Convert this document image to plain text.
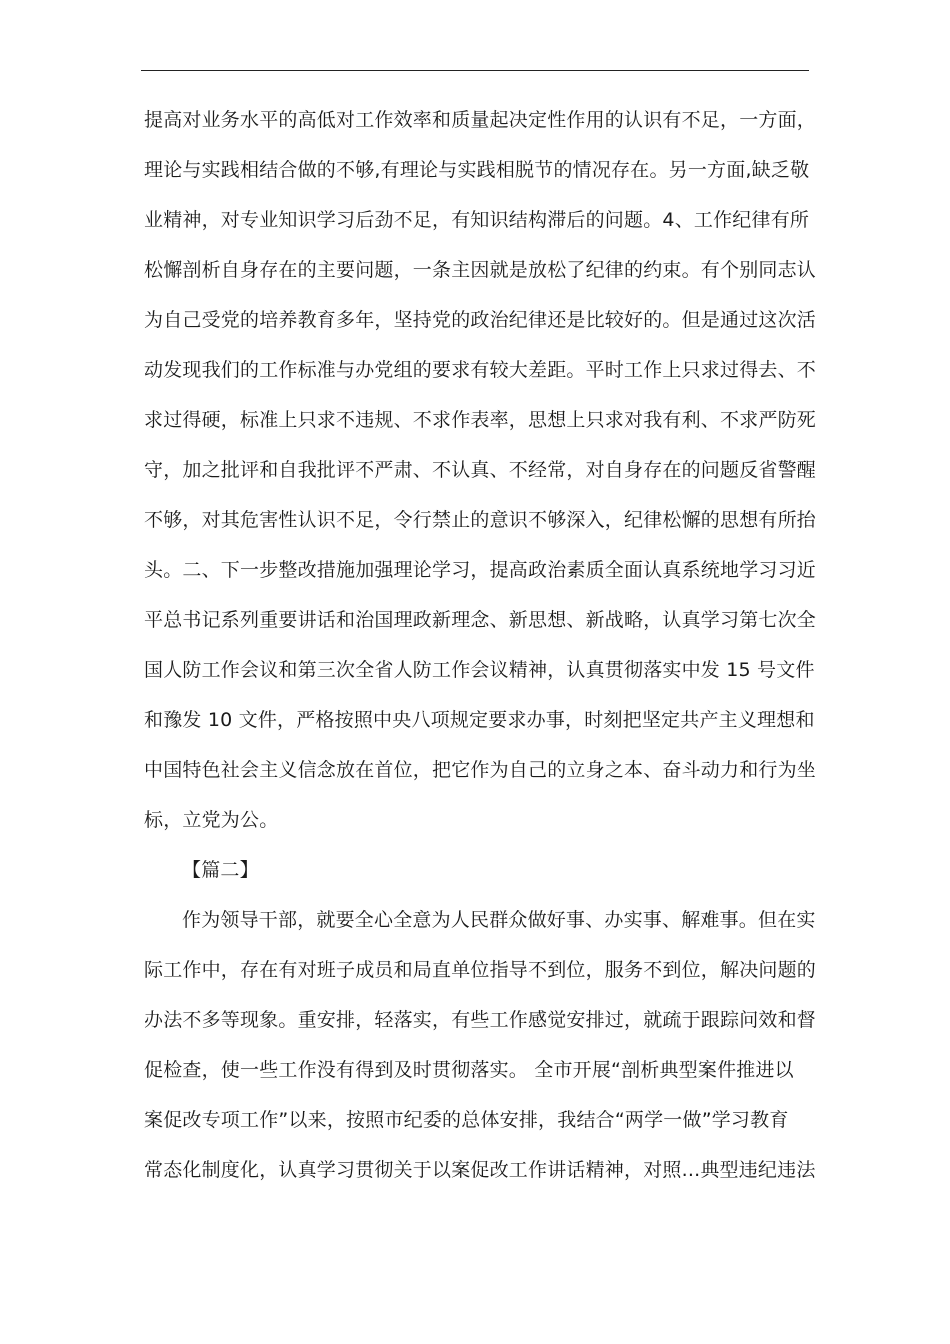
提高对业务水平的高低对工作效率和质量起决定性作用的认识有不足，一方面，
理论与实践相结合做的不够,有理论与实践相脱节的情况存在。另一方面,缺乏敬
业精神，对专业知识学习后劲不足，有知识结构滞后的问题。4、工作纪律有所
松懈剖析自身存在的主要问题，一条主因就是放松了纪律的约束。有个别同志认
为自己受党的培养教育多年，坚持党的政治纪律还是比较好的。但是通过这次活
动发现我们的工作标准与办党组的要求有较大差距。平时工作上只求过得去、不
求过得硬，标准上只求不违规、不求作表率，思想上只求对我有利、不求严防死
守，加之批评和自我批评不严肃、不认真、不经常，对自身存在的问题反省警醒
不够，对其危害性认识不足，令行禁止的意识不够深入，纪律松懈的思想有所抬
头。二、下一步整改措施加强理论学习，提高政治素质全面认真系统地学习习近
平总书记系列重要讲话和治国理政新理念、新思想、新战略，认真学习第七次全
国人防工作会议和第三次全省人防工作会议精神，认真贯彻落实中发 15 号文件
和豫发 10 文件，严格按照中央八项规定要求办事，时刻把坚定共产主义理想和
中国特色社会主义信念放在首位，把它作为自己的立身之本、奋斗动力和行为坐
标，立党为公。
【篇二】
作为领导干部，就要全心全意为人民群众做好事、办实事、解难事。但在实
际工作中，存在有对班子成员和局直单位指导不到位，服务不到位，解决问题的
办法不多等现象。重安排，轻落实，有些工作感觉安排过，就疏于跟踪问效和督
促检查，使一些工作没有得到及时贯彻落实。 全市开展“剖析典型案件推进以
案促改专项工作”以来，按照市纪委的总体安排，我结合“两学一做”学习教育
常态化制度化，认真学习贯彻关于以案促改工作讲话精神，对照...典型违纪违法
